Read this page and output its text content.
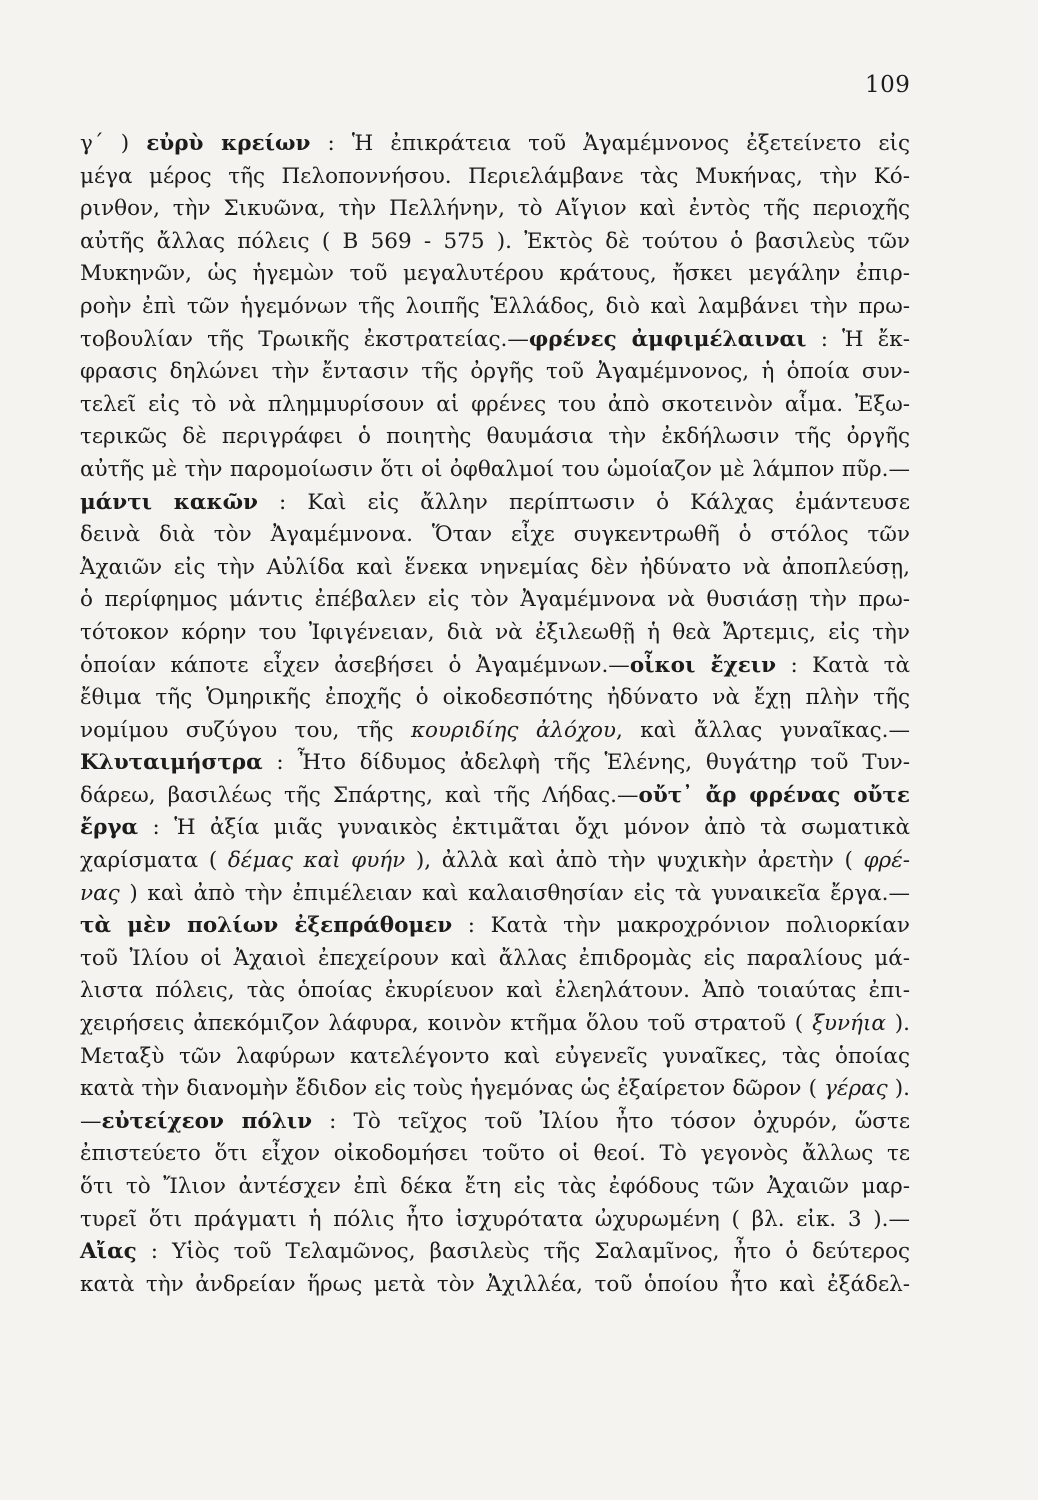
109
γ΄ ) εὐρὺ κρείων : Ἡ ἐπικράτεια τοῦ Ἀγαμέμνονος ἐξετείνετο εἰς
μέγα μέρος τῆς Πελοποννήσου. Περιελάμβανε τὰς Μυκήνας, τὴν Κό-
ρινθον, τὴν Σικυῶνα, τὴν Πελλήνην, τὸ Αἴγιον καὶ ἐντὸς τῆς περιοχῆς
αὐτῆς ἄλλας πόλεις ( Β 569 - 575 ). Ἐκτὸς δὲ τούτου ὁ βασιλεὺς τῶν
Μυκηνῶν, ὡς ἡγεμὼν τοῦ μεγαλυτέρου κράτους, ἤσκει μεγάλην ἐπιρ-
ροὴν ἐπὶ τῶν ἡγεμόνων τῆς λοιπῆς Ἑλλάδος, διὸ καὶ λαμβάνει τὴν πρω-
τοβουλίαν τῆς Τρωικῆς ἐκστρατείας.—φρένες ἀμφιμέλαιναι : Ἡ ἔκ-
φρασις δηλώνει τὴν ἔντασιν τῆς ὀργῆς τοῦ Ἀγαμέμνονος, ἡ ὁποία συν-
τελεῖ εἰς τὸ νὰ πλημμυρίσουν αἱ φρένες του ἀπὸ σκοτεινὸν αἷμα. Ἐξω-
τερικῶς δὲ περιγράφει ὁ ποιητὴς θαυμάσια τὴν ἐκδήλωσιν τῆς ὀργῆς
αὐτῆς μὲ τὴν παρομοίωσιν ὅτι οἱ ὀφθαλμοί του ὡμοίαζον μὲ λάμπον πῦρ.—
μάντι κακῶν : Καὶ εἰς ἄλλην περίπτωσιν ὁ Κάλχας ἐμάντευσε
δεινὰ διὰ τὸν Ἀγαμέμνονα. Ὅταν εἶχε συγκεντρωθῆ ὁ στόλος τῶν
Ἀχαιῶν εἰς τὴν Αὐλίδα καὶ ἕνεκα νηνεμίας δὲν ἠδύνατο νὰ ἀποπλεύσῃ,
ὁ περίφημος μάντις ἐπέβαλεν εἰς τὸν Ἀγαμέμνονα νὰ θυσιάσῃ τὴν πρω-
τότοκον κόρην του Ἰφιγένειαν, διὰ νὰ ἐξιλεωθῇ ἡ θεὰ Ἄρτεμις, εἰς τὴν
ὁποίαν κάποτε εἶχεν ἀσεβήσει ὁ Ἀγαμέμνων.—οἶκοι ἔχειν : Κατὰ τὰ
ἔθιμα τῆς Ὁμηρικῆς ἐποχῆς ὁ οἰκοδεσπότης ἠδύνατο νὰ ἔχῃ πλὴν τῆς
νομίμου συζύγου του, τῆς κουριδίης ἀλόχου, καὶ ἄλλας γυναῖκας.—
Κλυταιμήστρα : Ἦτο δίδυμος ἀδελφὴ τῆς Ἑλένης, θυγάτηρ τοῦ Τυν-
δάρεω, βασιλέως τῆς Σπάρτης, καὶ τῆς Λήδας.—οὔτ᾿ ἄρ φρένας οὔτε
ἔργα : Ἡ ἀξία μιᾶς γυναικὸς ἐκτιμᾶται ὄχι μόνον ἀπὸ τὰ σωματικὰ
χαρίσματα ( δέμας καὶ φυήν ), ἀλλὰ καὶ ἀπὸ τὴν ψυχικὴν ἀρετὴν ( φρέ-
νας ) καὶ ἀπὸ τὴν ἐπιμέλειαν καὶ καλαισθησίαν εἰς τὰ γυναικεῖα ἔργα.—
τὰ μὲν πολίων ἐξεπράθομεν : Κατὰ τὴν μακροχρόνιον πολιορκίαν
τοῦ Ἰλίου οἱ Ἀχαιοὶ ἐπεχείρουν καὶ ἄλλας ἐπιδρομὰς εἰς παραλίους μά-
λιστα πόλεις, τὰς ὁποίας ἐκυρίευον καὶ ἐλεηλάτουν. Ἀπὸ τοιαύτας ἐπι-
χειρήσεις ἀπεκόμιζον λάφυρα, κοινὸν κτῆμα ὅλου τοῦ στρατοῦ ( ξυνήια ).
Μεταξὺ τῶν λαφύρων κατελέγοντο καὶ εὐγενεῖς γυναῖκες, τὰς ὁποίας
κατὰ τὴν διανομὴν ἔδιδον εἰς τοὺς ἡγεμόνας ὡς ἐξαίρετον δῶρον ( γέρας ).
—εὐτείχεον πόλιν : Τὸ τεῖχος τοῦ Ἰλίου ἦτο τόσον ὀχυρόν, ὥστε
ἐπιστεύετο ὅτι εἶχον οἰκοδομήσει τοῦτο οἱ θεοί. Τὸ γεγονὸς ἄλλως τε
ὅτι τὸ Ἴλιον ἀντέσχεν ἐπὶ δέκα ἔτη εἰς τὰς ἐφόδους τῶν Ἀχαιῶν μαρ-
τυρεῖ ὅτι πράγματι ἡ πόλις ἦτο ἰσχυρότατα ὠχυρωμένη ( βλ. εἰκ. 3 ).—
Αἴας : Υἱὸς τοῦ Τελαμῶνος, βασιλεὺς τῆς Σαλαμῖνος, ἦτο ὁ δεύτερος
κατὰ τὴν ἀνδρείαν ἥρως μετὰ τὸν Ἀχιλλέα, τοῦ ὁποίου ἦτο καὶ ἐξάδελ-
